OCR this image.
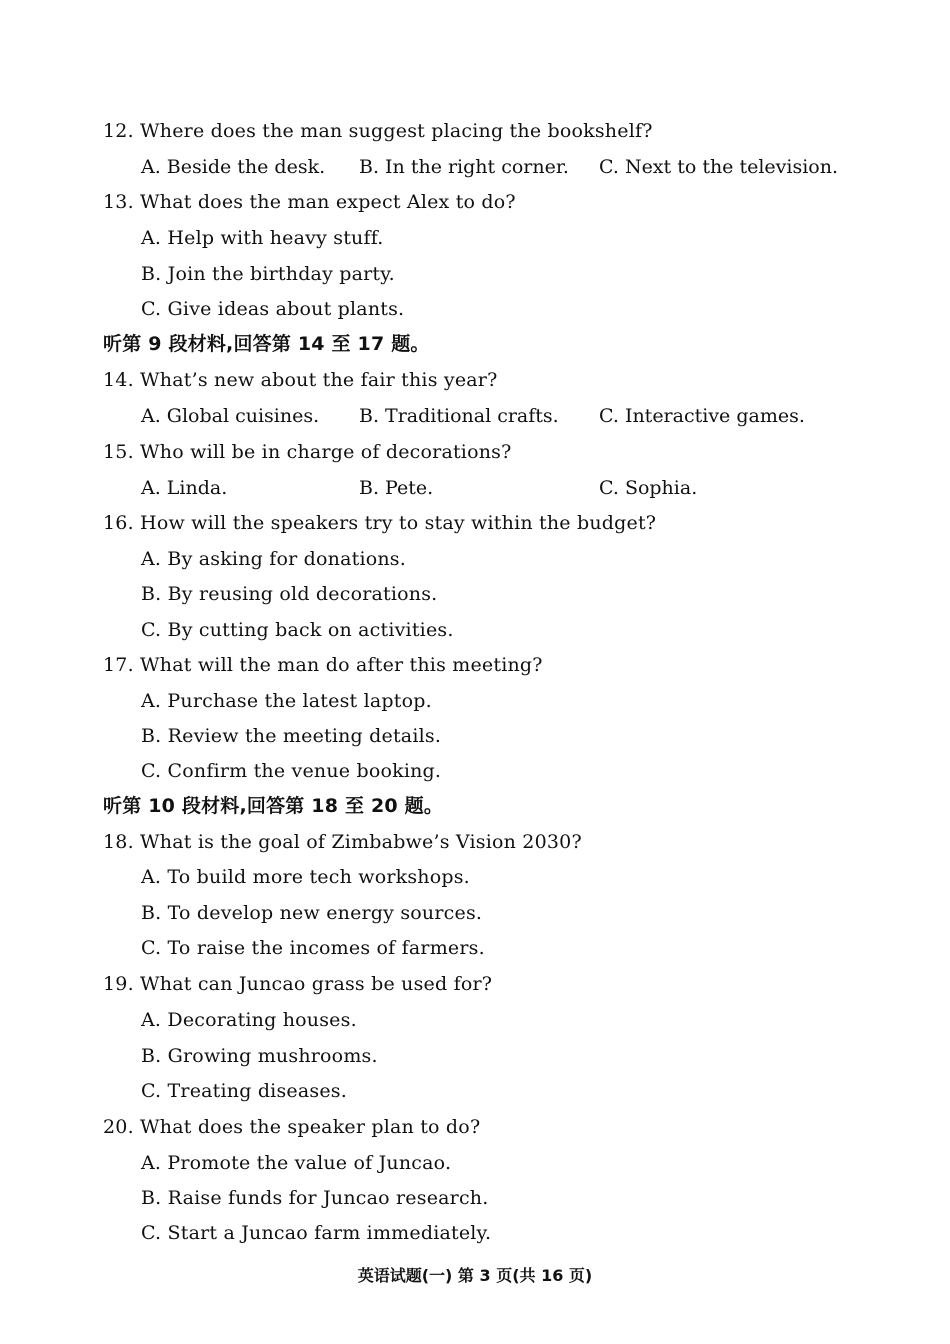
12. Where does the man suggest placing the bookshelf?
A. Beside the desk. B. In the right corner. C. Next to the television.
13. What does the man expect Alex to do?
A. Help with heavy stuff.
B. Join the birthday party.
C. Give ideas about plants.
听第 9 段材料,回答第 14 至 17 题。
14. What’s new about the fair this year?
A. Global cuisines. B. Traditional crafts. C. Interactive games.
15. Who will be in charge of decorations?
A. Linda.	B. Pete.	C. Sophia.
16. How will the speakers try to stay within the budget?
A. By asking for donations.
B. By reusing old decorations.
C. By cutting back on activities.
17. What will the man do after this meeting?
A. Purchase the latest laptop.
B. Review the meeting details.
C. Confirm the venue booking.
听第 10 段材料,回答第 18 至 20 题。
18. What is the goal of Zimbabwe’s Vision 2030?
A. To build more tech workshops.
B. To develop new energy sources.
C. To raise the incomes of farmers.
19. What can Juncao grass be used for?
A. Decorating houses.
B. Growing mushrooms.
C. Treating diseases.
20. What does the speaker plan to do?
A. Promote the value of Juncao.
B. Raise funds for Juncao research.
C. Start a Juncao farm immediately.
英语试题(一) 第 3 页(共 16 页)
